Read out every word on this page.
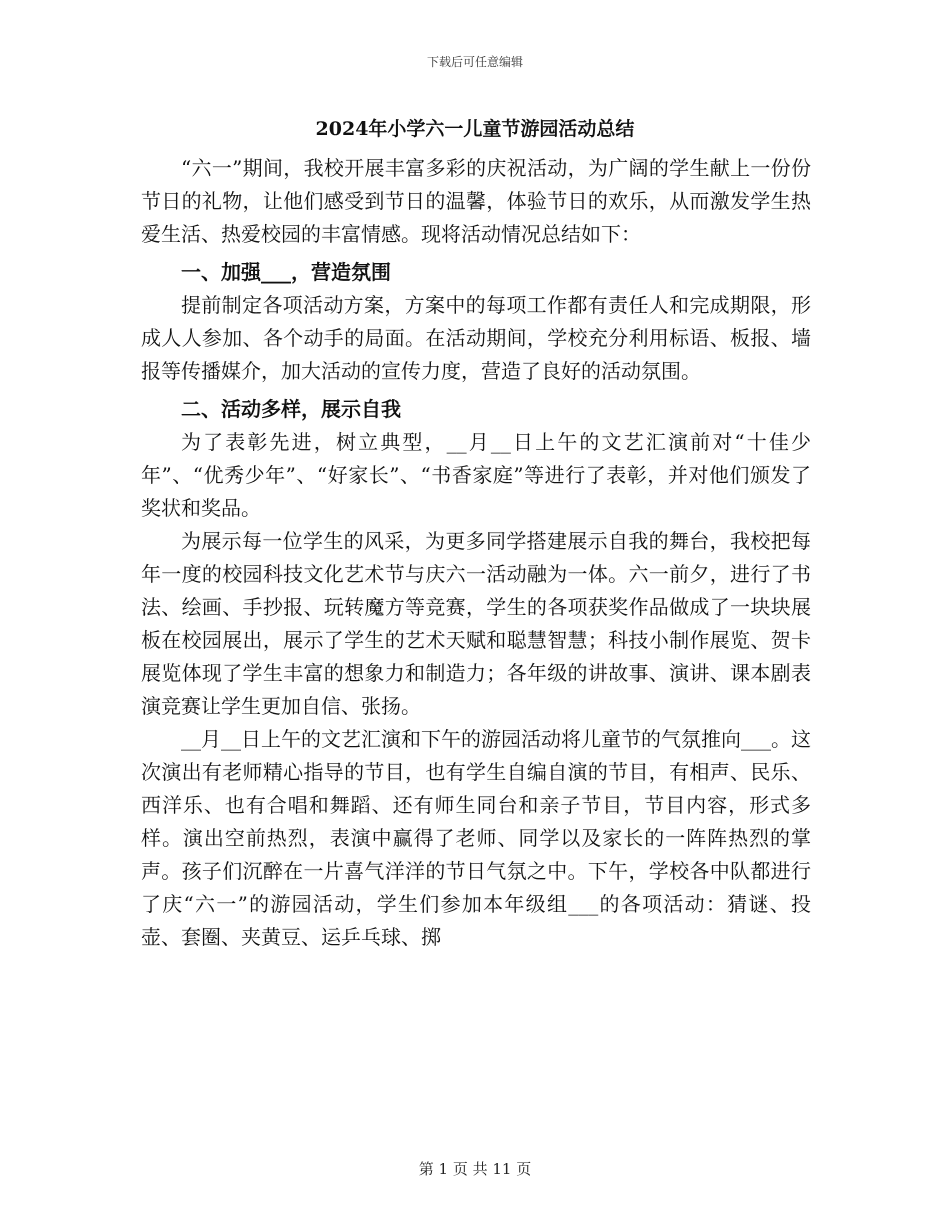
下载后可任意编辑
2024年小学六一儿童节游园活动总结

“六一”期间，我校开展丰富多彩的庆祝活动，为广阔的学生献上一份份节日的礼物，让他们感受到节日的温馨，体验节日的欢乐，从而激发学生热爱生活、热爱校园的丰富情感。现将活动情况总结如下：

一、加强___，营造氛围

提前制定各项活动方案，方案中的每项工作都有责任人和完成期限，形成人人参加、各个动手的局面。在活动期间，学校充分利用标语、板报、墙报等传播媒介，加大活动的宣传力度，营造了良好的活动氛围。

二、活动多样，展示自我

为了表彰先进，树立典型，__月__日上午的文艺汇演前对“十佳少年”、“优秀少年”、“好家长”、“书香家庭”等进行了表彰，并对他们颁发了奖状和奖品。

为展示每一位学生的风采，为更多同学搭建展示自我的舞台，我校把每年一度的校园科技文化艺术节与庆六一活动融为一体。六一前夕，进行了书法、绘画、手抄报、玩转魔方等竞赛，学生的各项获奖作品做成了一块块展板在校园展出，展示了学生的艺术天赋和聪慧智慧；科技小制作展览、贺卡展览体现了学生丰富的想象力和制造力；各年级的讲故事、演讲、课本剧表演竞赛让学生更加自信、张扬。

__月__日上午的文艺汇演和下午的游园活动将儿童节的气氛推向___。这次演出有老师精心指导的节目，也有学生自编自演的节目，有相声、民乐、西洋乐、也有合唱和舞蹈、还有师生同台和亲子节目，节目内容，形式多样。演出空前热烈，表演中赢得了老师、同学以及家长的一阵阵热烈的掌声。孩子们沉醉在一片喜气洋洋的节日气氛之中。下午，学校各中队都进行了庆“六一”的游园活动，学生们参加本年级组___的各项活动：猜谜、投壶、套圈、夹黄豆、运乒乓球、掷

第 1 页 共 11 页
